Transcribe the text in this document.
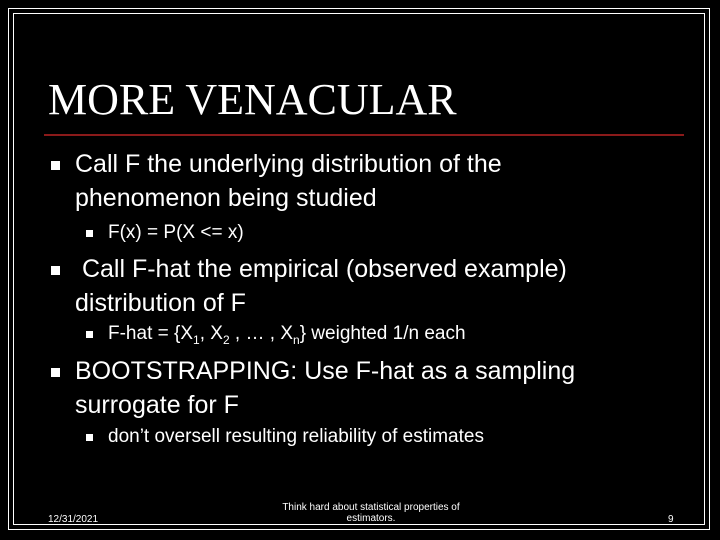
MORE VENACULAR
Call F the underlying distribution of the
phenomenon being studied
F(x) = P(X <= x)
Call F-hat the empirical (observed example)
distribution of F
$F-hat = \{X_1$, $X_2$ , … , $X_n$} weighted 1/n each
BOOTSTRAPPING: Use F-hat as a sampling
surrogate for F
don’t oversell resulting reliability of estimates
12/31/2021
Think hard about statistical properties of
estimators.	9
